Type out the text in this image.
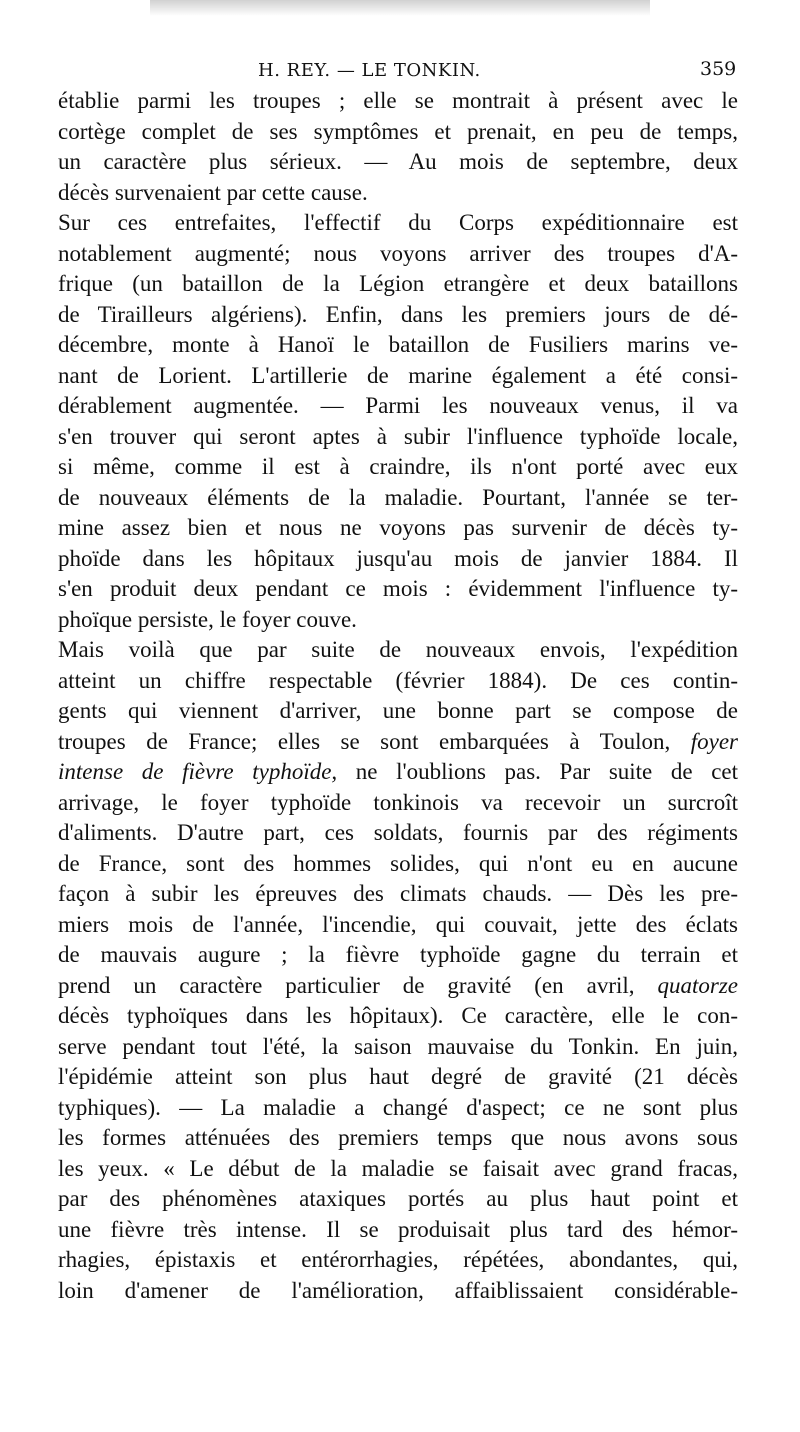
H. REY. — LE TONKIN.	359
établie parmi les troupes ; elle se montrait à présent avec le
cortège complet de ses symptômes et prenait, en peu de temps,
un caractère plus sérieux. — Au mois de septembre, deux
décès survenaient par cette cause.
Sur ces entrefaites, l'effectif du Corps expéditionnaire est
notablement augmenté; nous voyons arriver des troupes d'A-
frique (un bataillon de la Légion etrangère et deux bataillons
de Tirailleurs algériens). Enfin, dans les premiers jours de dé-
décembre, monte à Hanoï le bataillon de Fusiliers marins ve-
nant de Lorient. L'artillerie de marine également a été consi-
dérablement augmentée. — Parmi les nouveaux venus, il va
s'en trouver qui seront aptes à subir l'influence typhoïde locale,
si même, comme il est à craindre, ils n'ont porté avec eux
de nouveaux éléments de la maladie. Pourtant, l'année se ter-
mine assez bien et nous ne voyons pas survenir de décès ty-
phoïde dans les hôpitaux jusqu'au mois de janvier 1884. Il
s'en produit deux pendant ce mois : évidemment l'influence ty-
phoïque persiste, le foyer couve.
Mais voilà que par suite de nouveaux envois, l'expédition
atteint un chiffre respectable (février 1884). De ces contin-
gents qui viennent d'arriver, une bonne part se compose de
troupes de France; elles se sont embarquées à Toulon, foyer
intense de fièvre typhoïde, ne l'oublions pas. Par suite de cet
arrivage, le foyer typhoïde tonkinois va recevoir un surcroît
d'aliments. D'autre part, ces soldats, fournis par des régiments
de France, sont des hommes solides, qui n'ont eu en aucune
façon à subir les épreuves des climats chauds. — Dès les pre-
miers mois de l'année, l'incendie, qui couvait, jette des éclats
de mauvais augure ; la fièvre typhoïde gagne du terrain et
prend un caractère particulier de gravité (en avril, quatorze
décès typhoïques dans les hôpitaux). Ce caractère, elle le con-
serve pendant tout l'été, la saison mauvaise du Tonkin. En juin,
l'épidémie atteint son plus haut degré de gravité (21 décès
typhiques). — La maladie a changé d'aspect; ce ne sont plus
les formes atténuées des premiers temps que nous avons sous
les yeux. « Le début de la maladie se faisait avec grand fracas,
par des phénomènes ataxiques portés au plus haut point et
une fièvre très intense. Il se produisait plus tard des hémor-
rhagies, épistaxis et entérorrhagies, répétées, abondantes, qui,
loin d'amener de l'amélioration, affaiblissaient considérable-
